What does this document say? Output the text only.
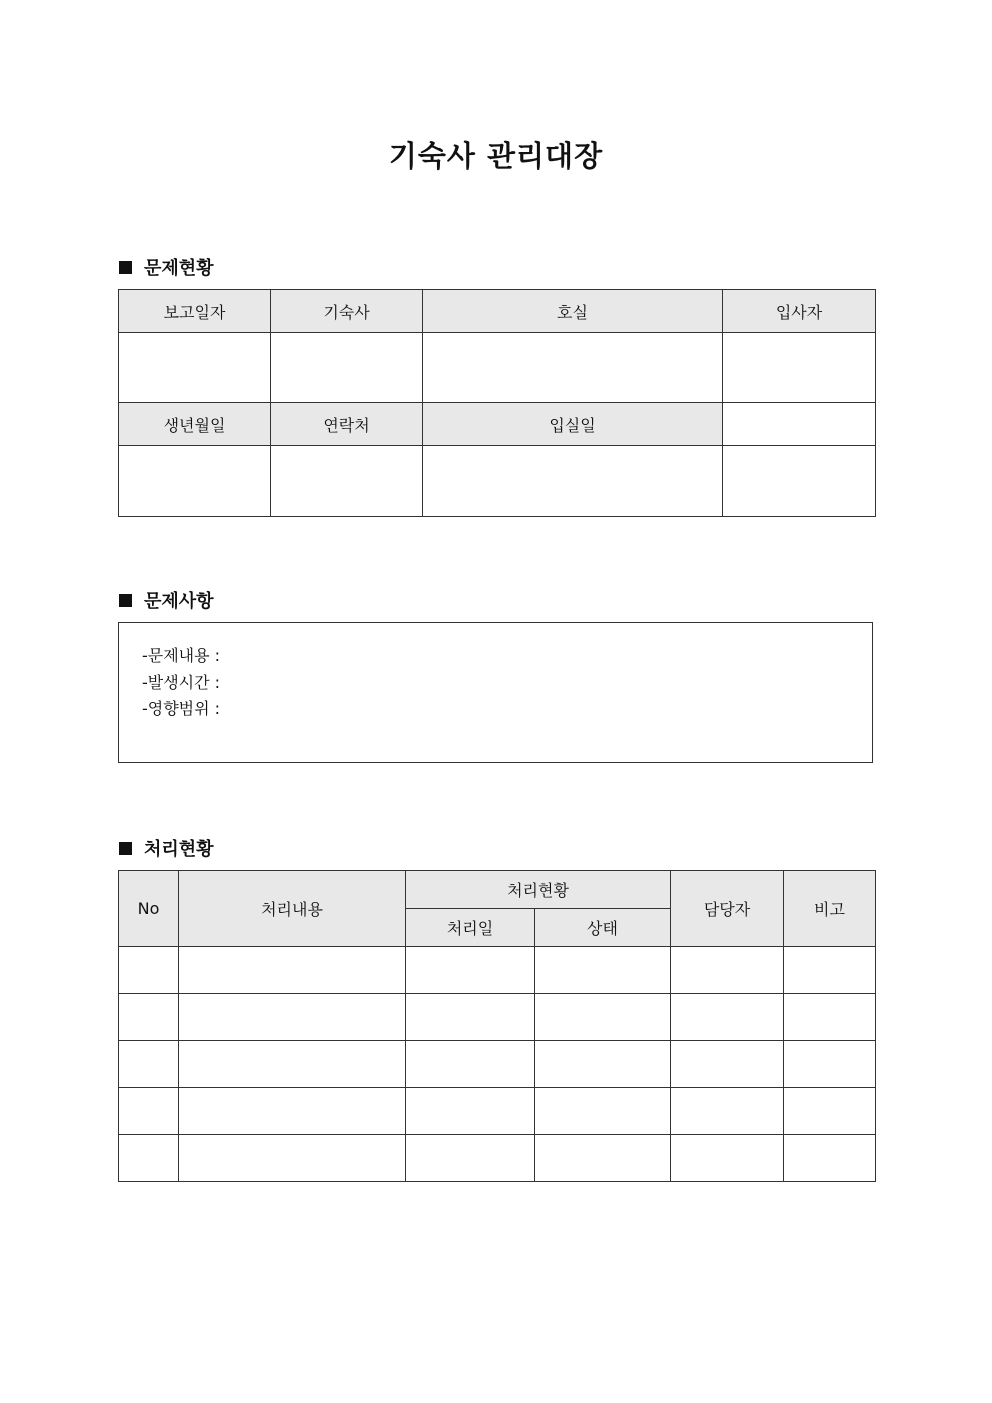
기숙사 관리대장
문제현황
보고일자	기숙사	호실	입사자

생년월일	연락처	입실일	

문제사항
-문제내용 :
-발생시간 :
-영향범위 :
처리현황
No	처리내용	처리현황		담당자	비고
		처리일	상태		
